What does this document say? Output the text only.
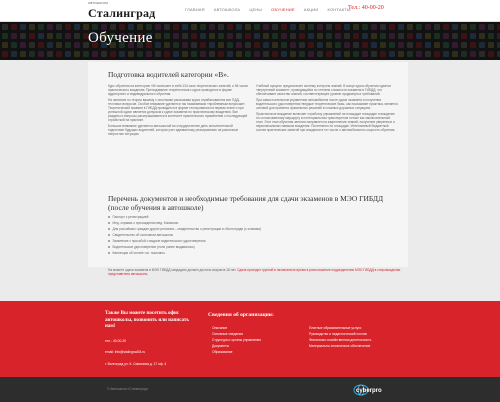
АВТОШКОЛА
Сталинград	ГЛАВНАЯ АВТОШКОЛА ЦЕНЫ ОБУЧЕНИЕ АКЦИИ КОНТАКТЫ
Тел.: 40-00-20
Обучение
Подготовка водителей категории «В».

Курс обучения на категорию «В» включает в себя 134 часа теоретических занятий, и 56 часов практического вождения. Преподавание теоретического курса проводится в форме аудиторного и индивидуального обучения.

На занятиях по теории вашему с опытными рассказами курса отрабатываются все ПДД-тестовых вопросов. Особое внимание уделяется так называемым «проблемным вопросам». Теоретический экзамен в ГИБДД проводится в форме тестирования на первом этапе и при успешной сдаче является допуском к сдаче экзамена по практическому вождению. Все разделы и вопросы расспрашиваются в контексте практического применения с последующей отработкой на практике.

Большое внимание уделяется автошколой во сотрудничестве день исполнительной подготовке будущих водителей, которая учит адекватному реагированию на различные непростые ситуации.

Учебный процесс предполагает систему контроля знаний. В конце курса обучения сдается «внутренний экзамен», проводящийся по степени сложности экзамена в ГИБДД, что обеспечивает качество знаний, соответствующее уровню продвинутых требований.

При самостоятельном управлении автомобилем после сдачи экзамена и получения водительского удостоверения твердые теоретические базы, как показывает практика, является основой для принятия правильных решений в сложных дорожных ситуациях.

Практическое вождение включает отработку упражнений на площадке площадке и вождение по согласованному маршруту в потенциальном транспортном потоке как заключительный этап. Этот этап обучения занятия направлен на закрепление знаний, получение уверенных и первоначальных навыков вождения. Постепенно по площадке. Интенсивный бюджетный состав практических занятий при вождении в тот числе с автомобильного скорость обучения.

Перечень документов и необходимые требования для сдачи экзаменов в МЭО ГИБДД (после обучения в автошколе)
Паспорт с регистрацией
Мед. справка о прохождении мед. Комиссии
Для российских граждан других регионов – свидетельство о регистрации в г.Волгограде (с копиями)
Свидетельство об окончании автошколы
Заявление с просьбой о выдаче водительского удостоверения
Водительское удостоверение (если ранее выдавалось)
Квитанция об оплате гос. пошлины.
На момент сдачи экзамена в МЭО ГИБДД кандидать должен достичь возраста 18 лет. Сдача проходит группой в назначенное время в расположение подразделения МЭО ГИБДД в сопровождении представителя автошколы.
Также Вы можете посетить офис автошколы, позвонить или написать нам!
тел.: 40-00-20
email: info@stalingrad34.ru
г. Волгоград ул. К. Симонова д. 17 оф. 4
Сведения об организации:
Описание
Основные сведения
Структура и органы управления
Документы
Образование
Платные образовательные услуги
Руководство и педагогический состав
Финансово-хозяйственная деятельность
Материально-техническое обеспечение
© Автошкола «Сталинград»	cyberpro
